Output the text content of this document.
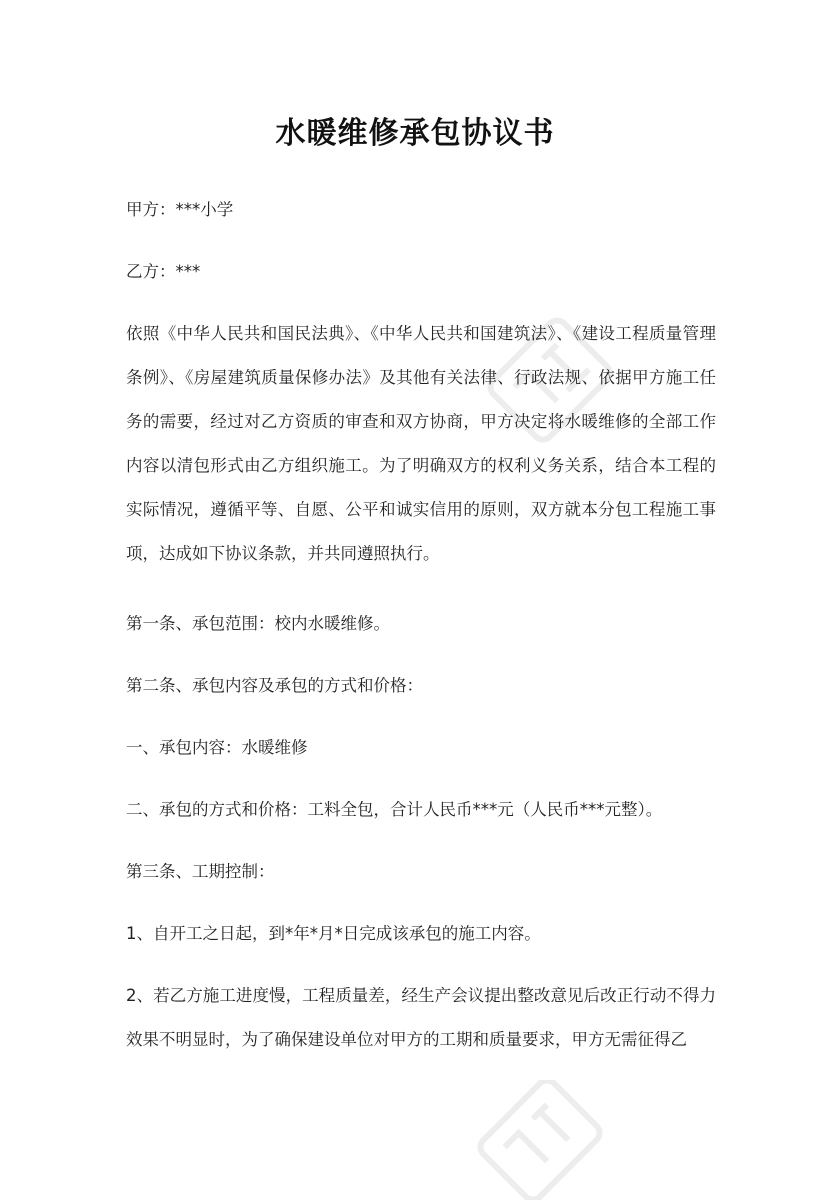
水暖维修承包协议书

甲方：***小学

乙方：***

依照《中华人民共和国民法典》、《中华人民共和国建筑法》、《建设工程质量管理条例》、《房屋建筑质量保修办法》及其他有关法律、行政法规、依据甲方施工任务的需要，经过对乙方资质的审查和双方协商，甲方决定将水暖维修的全部工作内容以清包形式由乙方组织施工。为了明确双方的权利义务关系，结合本工程的实际情况，遵循平等、自愿、公平和诚实信用的原则，双方就本分包工程施工事项，达成如下协议条款，并共同遵照执行。

第一条、承包范围：校内水暖维修。

第二条、承包内容及承包的方式和价格：

一、承包内容：水暖维修

二、承包的方式和价格：工料全包，合计人民币***元（人民币***元整）。

第三条、工期控制：

1、自开工之日起，到*年*月*日完成该承包的施工内容。

2、若乙方施工进度慢，工程质量差，经生产会议提出整改意见后改正行动不得力效果不明显时，为了确保建设单位对甲方的工期和质量要求，甲方无需征得乙
